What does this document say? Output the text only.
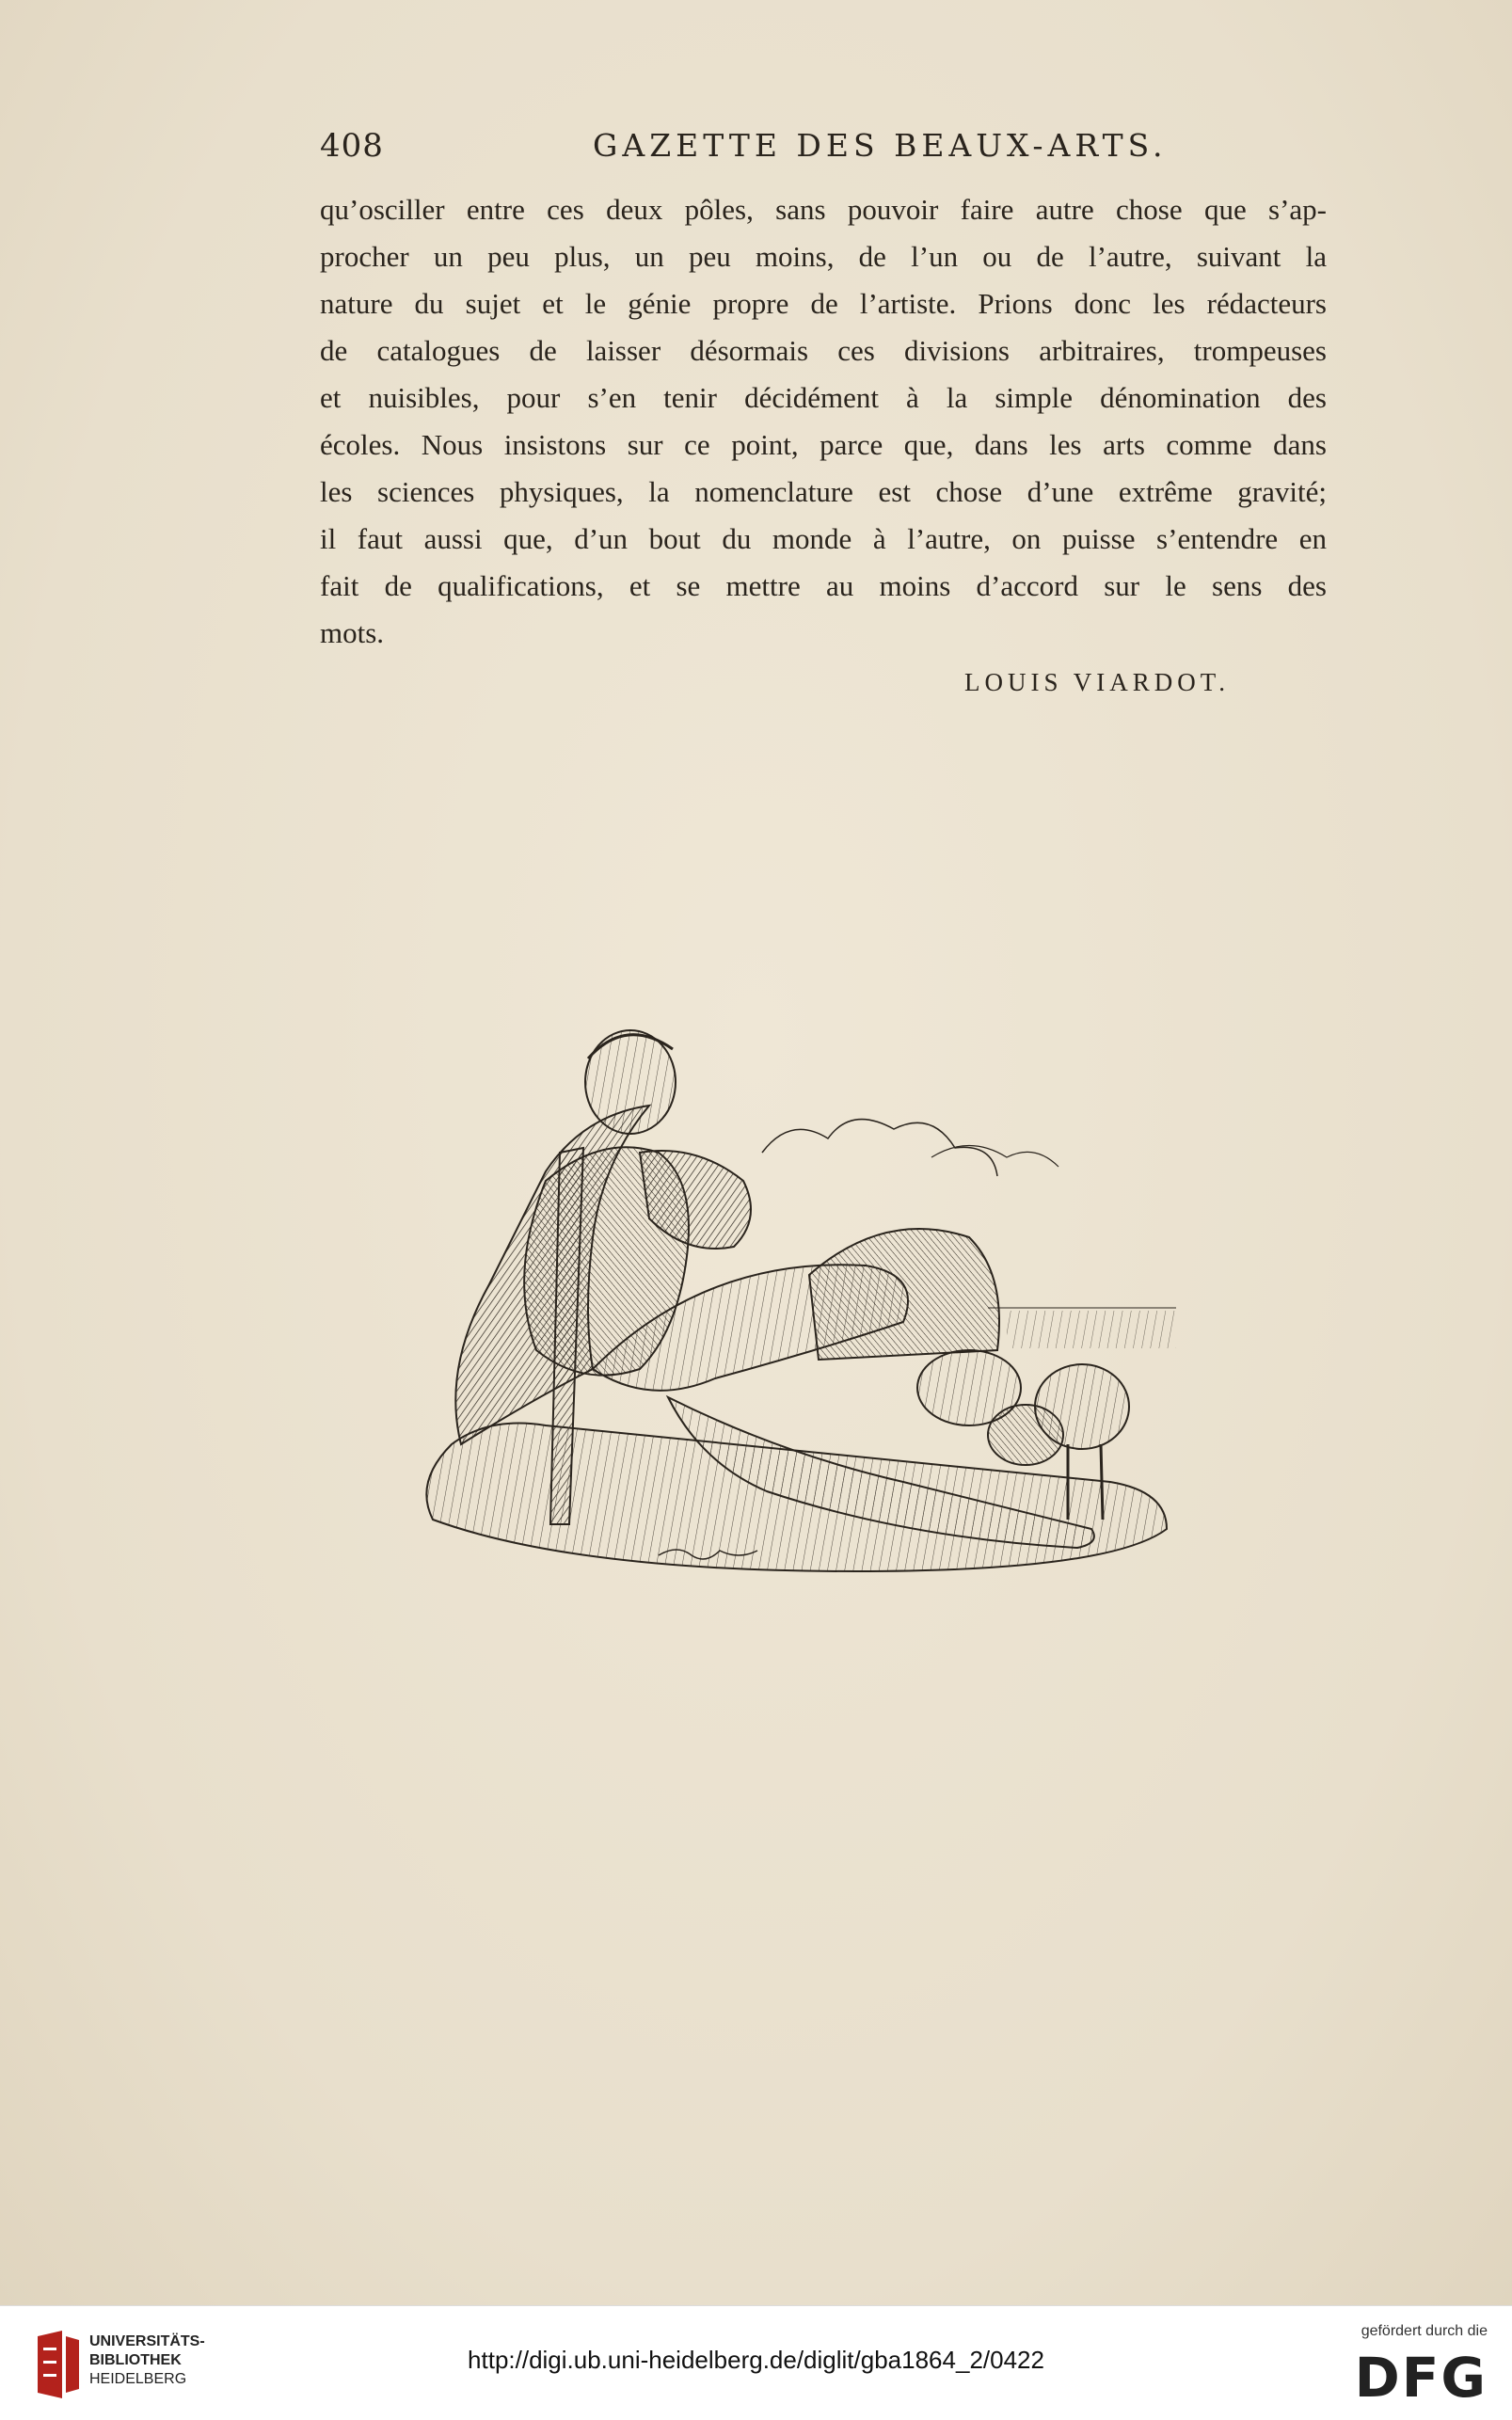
408	GAZETTE DES BEAUX-ARTS.
qu’osciller entre ces deux pôles, sans pouvoir faire autre chose que s’ap-
procher un peu plus, un peu moins, de l’un ou de l’autre, suivant la
nature du sujet et le génie propre de l’artiste. Prions donc les rédacteurs
de catalogues de laisser désormais ces divisions arbitraires, trompeuses
et nuisibles, pour s’en tenir décidément à la simple dénomination des
écoles. Nous insistons sur ce point, parce que, dans les arts comme dans
les sciences physiques, la nomenclature est chose d’une extrême gravité;
il faut aussi que, d’un bout du monde à l’autre, on puisse s’entendre en
fait de qualifications, et se mettre au moins d’accord sur le sens des
mots.
LOUIS VIARDOT.
UNIVERSITÄTS-
BIBLIOTHEK
HEIDELBERG
http://digi.ub.uni-heidelberg.de/diglit/gba1864_2/0422
gefördert durch die
DFG
